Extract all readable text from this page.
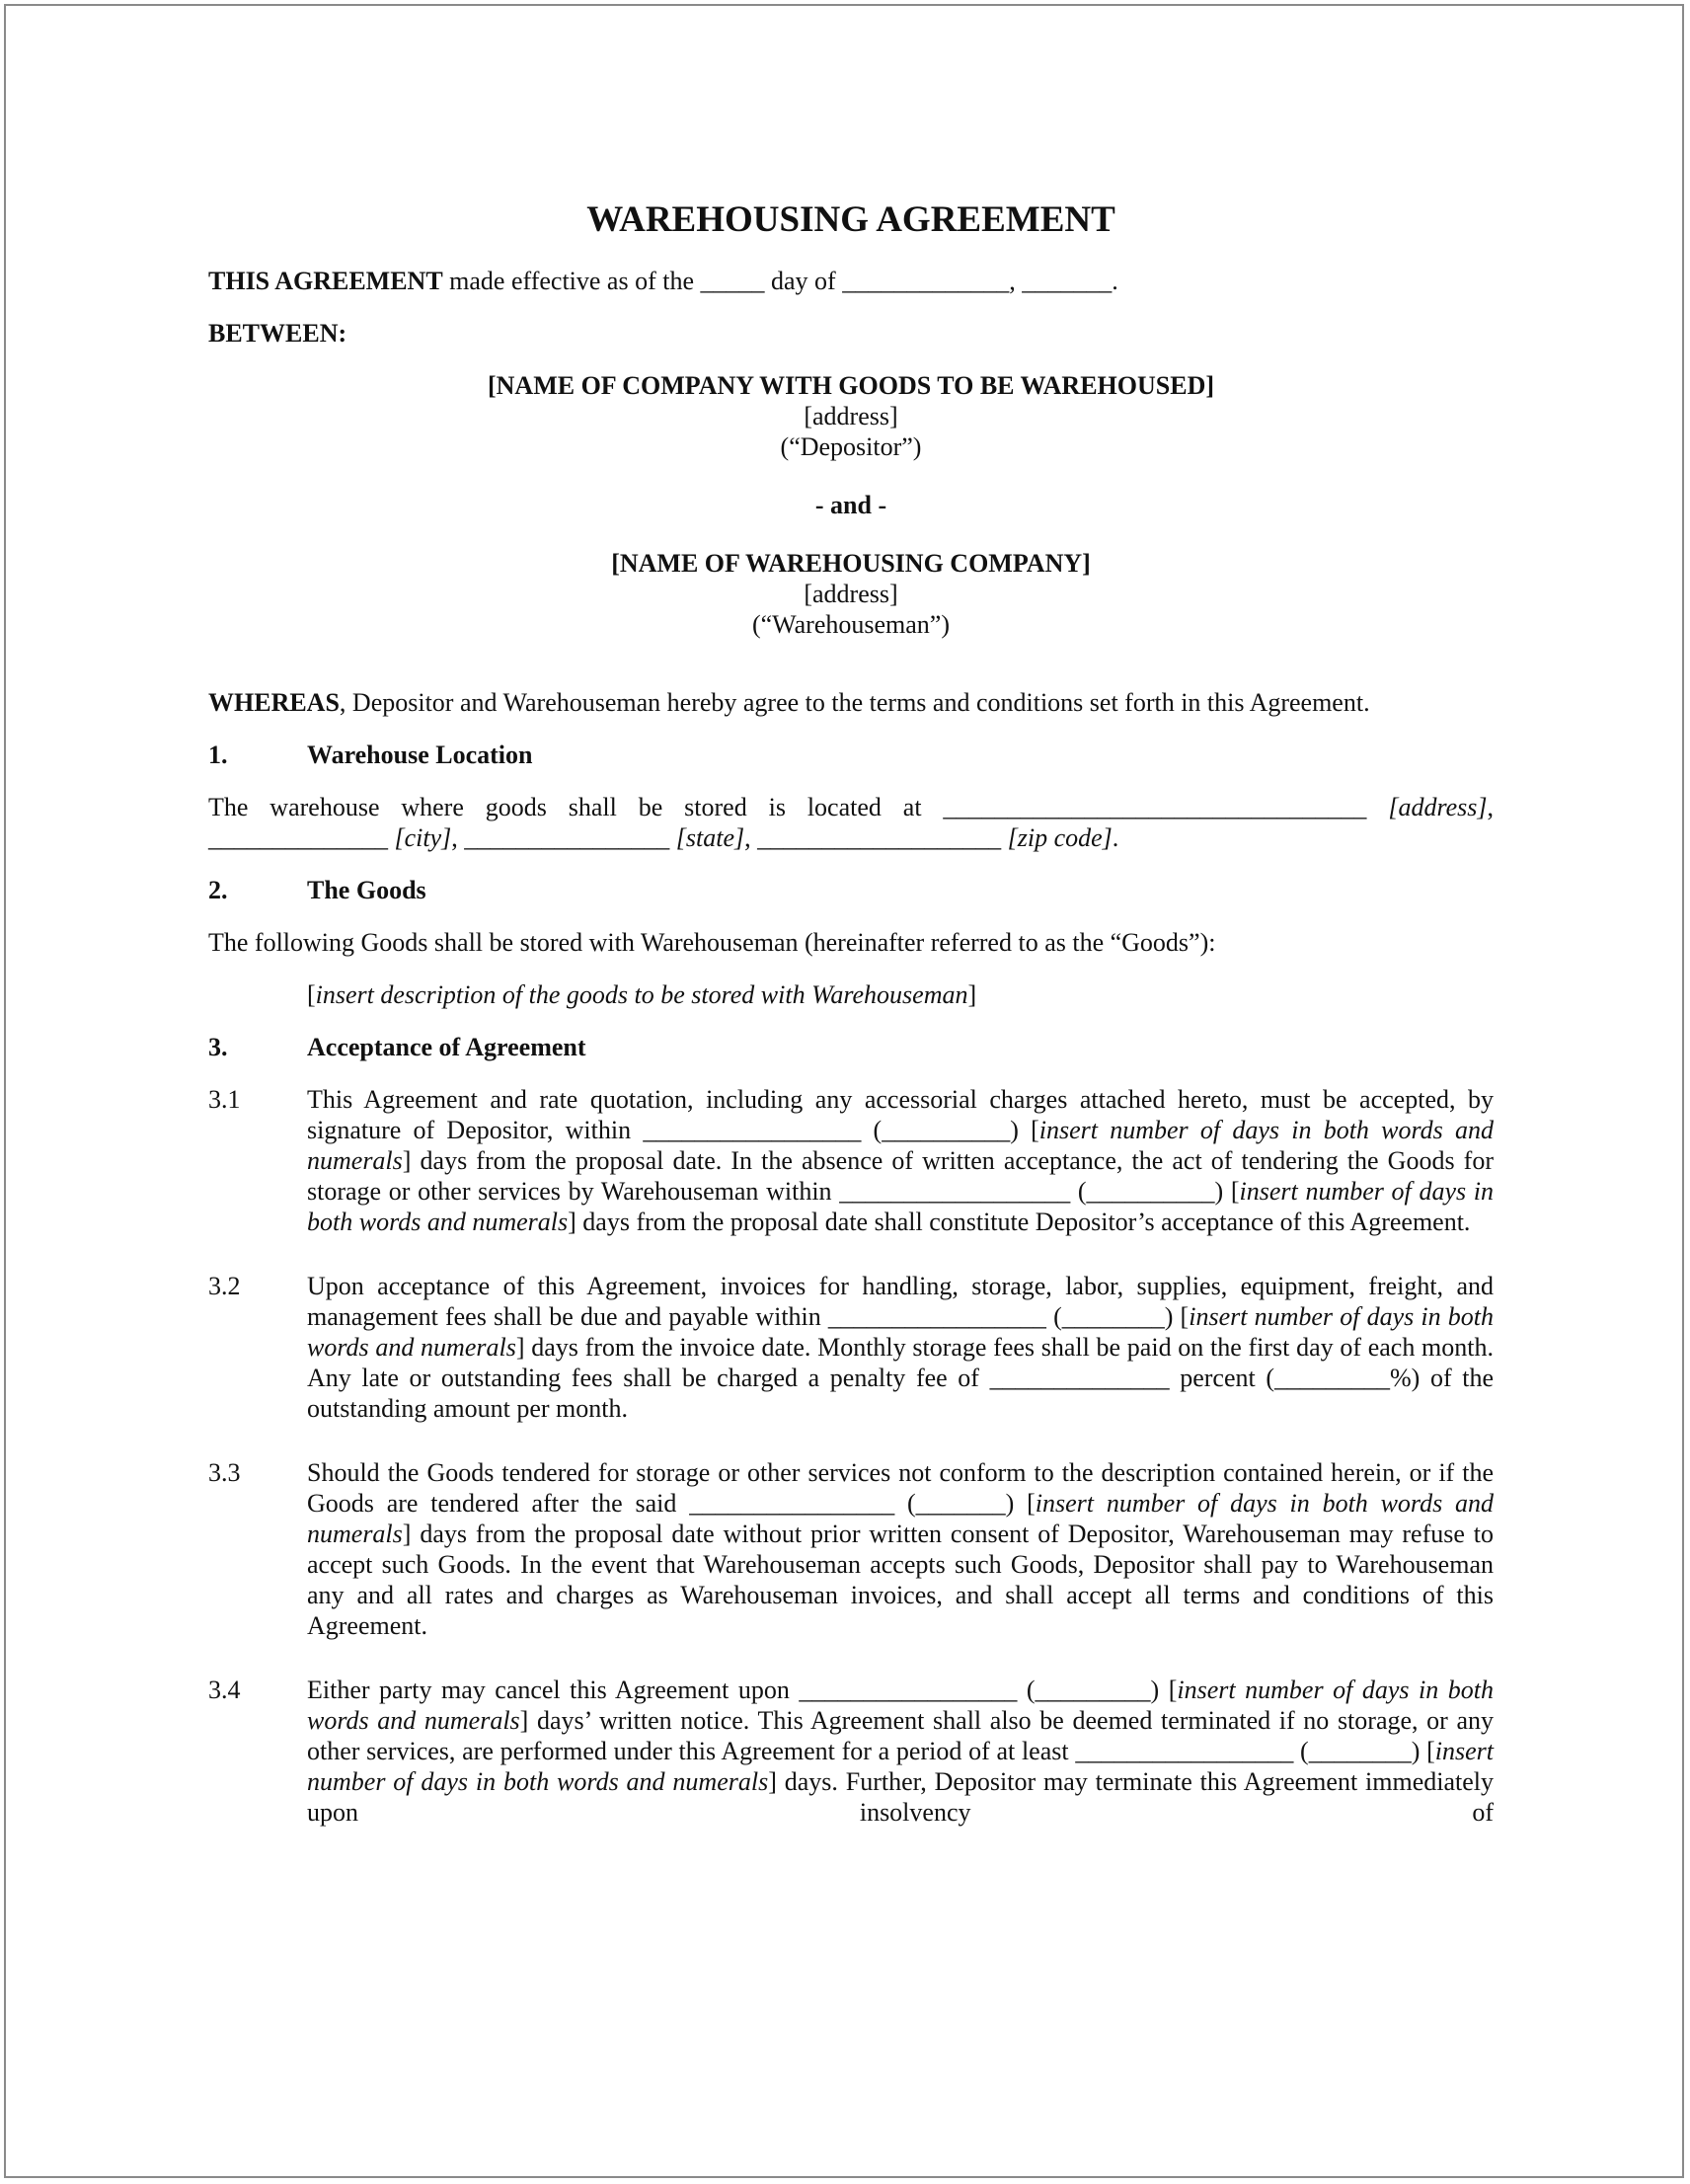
WAREHOUSING AGREEMENT

THIS AGREEMENT made effective as of the _____ day of _____________, _______.

BETWEEN:

[NAME OF COMPANY WITH GOODS TO BE WAREHOUSED]
[address]
(“Depositor”)

- and -

[NAME OF WAREHOUSING COMPANY]
[address]
(“Warehouseman”)

WHEREAS, Depositor and Warehouseman hereby agree to the terms and conditions set forth in this Agreement.

1.	Warehouse Location

The warehouse where goods shall be stored is located at _________________________________ [address], ______________ [city], ________________ [state], ___________________ [zip code].

2.	The Goods

The following Goods shall be stored with Warehouseman (hereinafter referred to as the “Goods”):

[insert description of the goods to be stored with Warehouseman]

3.	Acceptance of Agreement
3.1	This Agreement and rate quotation, including any accessorial charges attached hereto, must be accepted, by signature of Depositor, within _________________ (__________) [insert number of days in both words and numerals] days from the proposal date. In the absence of written acceptance, the act of tendering the Goods for storage or other services by Warehouseman within __________________ (__________) [insert number of days in both words and numerals] days from the proposal date shall constitute Depositor’s acceptance of this Agreement.
3.2	Upon acceptance of this Agreement, invoices for handling, storage, labor, supplies, equipment, freight, and management fees shall be due and payable within _________________ (________) [insert number of days in both words and numerals] days from the invoice date. Monthly storage fees shall be paid on the first day of each month. Any late or outstanding fees shall be charged a penalty fee of ______________ percent (_________%) of the outstanding amount per month.
3.3	Should the Goods tendered for storage or other services not conform to the description contained herein, or if the Goods are tendered after the said ________________ (_______) [insert number of days in both words and numerals] days from the proposal date without prior written consent of Depositor, Warehouseman may refuse to accept such Goods. In the event that Warehouseman accepts such Goods, Depositor shall pay to Warehouseman any and all rates and charges as Warehouseman invoices, and shall accept all terms and conditions of this Agreement.
3.4	Either party may cancel this Agreement upon _________________ (_________) [insert number of days in both words and numerals] days’ written notice. This Agreement shall also be deemed terminated if no storage, or any other services, are performed under this Agreement for a period of at least _________________ (________) [insert number of days in both words and numerals] days. Further, Depositor may terminate this Agreement immediately upon insolvency of
